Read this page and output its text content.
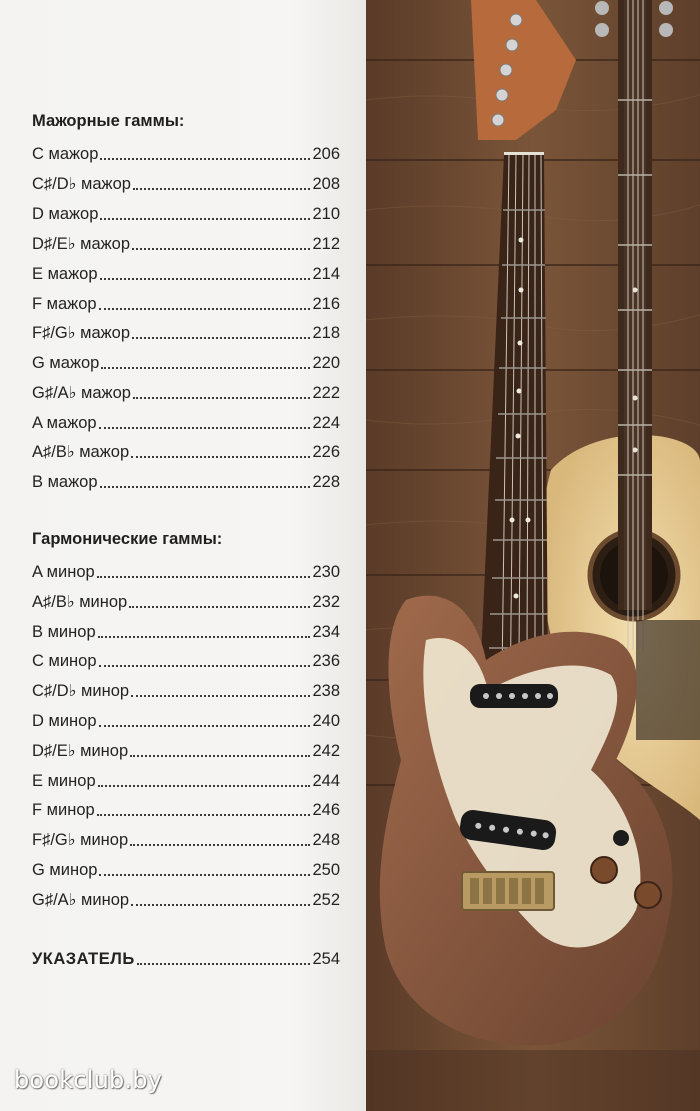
Мажорные гаммы:
C мажор	206
C♯/D♭ мажор	208
D мажор	210
D♯/E♭ мажор	212
E мажор	214
F мажор	216
F♯/G♭ мажор	218
G мажор	220
G♯/A♭ мажор	222
A мажор	224
A♯/B♭ мажор	226
B мажор	228
Гармонические гаммы:
A минор	230
A♯/B♭ минор	232
B минор	234
C минор	236
C♯/D♭ минор	238
D минор	240
D♯/E♭ минор	242
E минор	244
F минор	246
F♯/G♭ минор	248
G минор	250
G♯/A♭ минор	252
УКАЗАТЕЛЬ	254
bookclub.by
